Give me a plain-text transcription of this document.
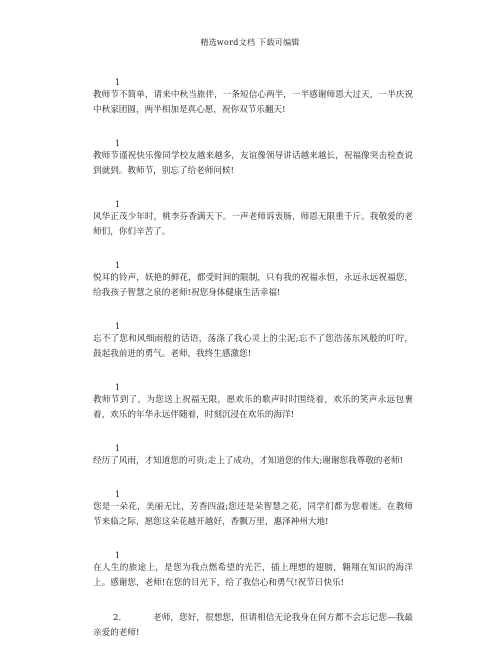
精选word文档 下载可编辑
1
教师节不简单，请来中秋当旅伴，一条短信心两半，一半感谢师恩大过天，一半庆祝中秋家团圆，两半相加是真心愿，祝你双节乐翻天!
1
教师节谨祝快乐像同学校友越来越多，友谊像领导讲话越来越长，祝福像突击检查说到就到。教师节，别忘了给老师问候!
1
风华正茂少年时，桃李芬香满天下。一声老师诉衷肠，师恩无限重千斤。我敬爱的老师们，你们辛苦了。
1
悦耳的铃声，妖艳的鲜花，都受时间的限制，只有我的祝福永恒，永远永远祝福您，给我孩子智慧之泉的老师!祝您身体健康生活幸福!
1
忘不了您和风细雨般的话语，荡涤了我心灵上的尘泥;忘不了您浩荡东风般的叮咛，鼓起我前进的勇气。老师，我终生感激您!
1
教师节到了，为您送上祝福无限，愿欢乐的歌声时时围绕着，欢乐的笑声永远包裹着，欢乐的年华永远伴随着，时刻沉浸在欢乐的海洋!
1
经历了风雨，才知道您的可贵;走上了成功，才知道您的伟大;谢谢您我尊敬的老师!
1
您是一朵花，美丽无比，芳香四溢;您还是朵智慧之花，同学们都为您着迷。在教师节来临之际，愿您这朵花越开越好，香飘万里，惠泽神州大地!
1
在人生的旅途上，是您为我点燃希望的光芒，插上理想的翅膀，翱翔在知识的海洋上。感谢您，老师!在您的目光下，给了我信心和勇气!祝节日快乐!
2.	老师，您好，很想您，但请相信无论我身在何方都不会忘记您—我最亲爱的老师!
